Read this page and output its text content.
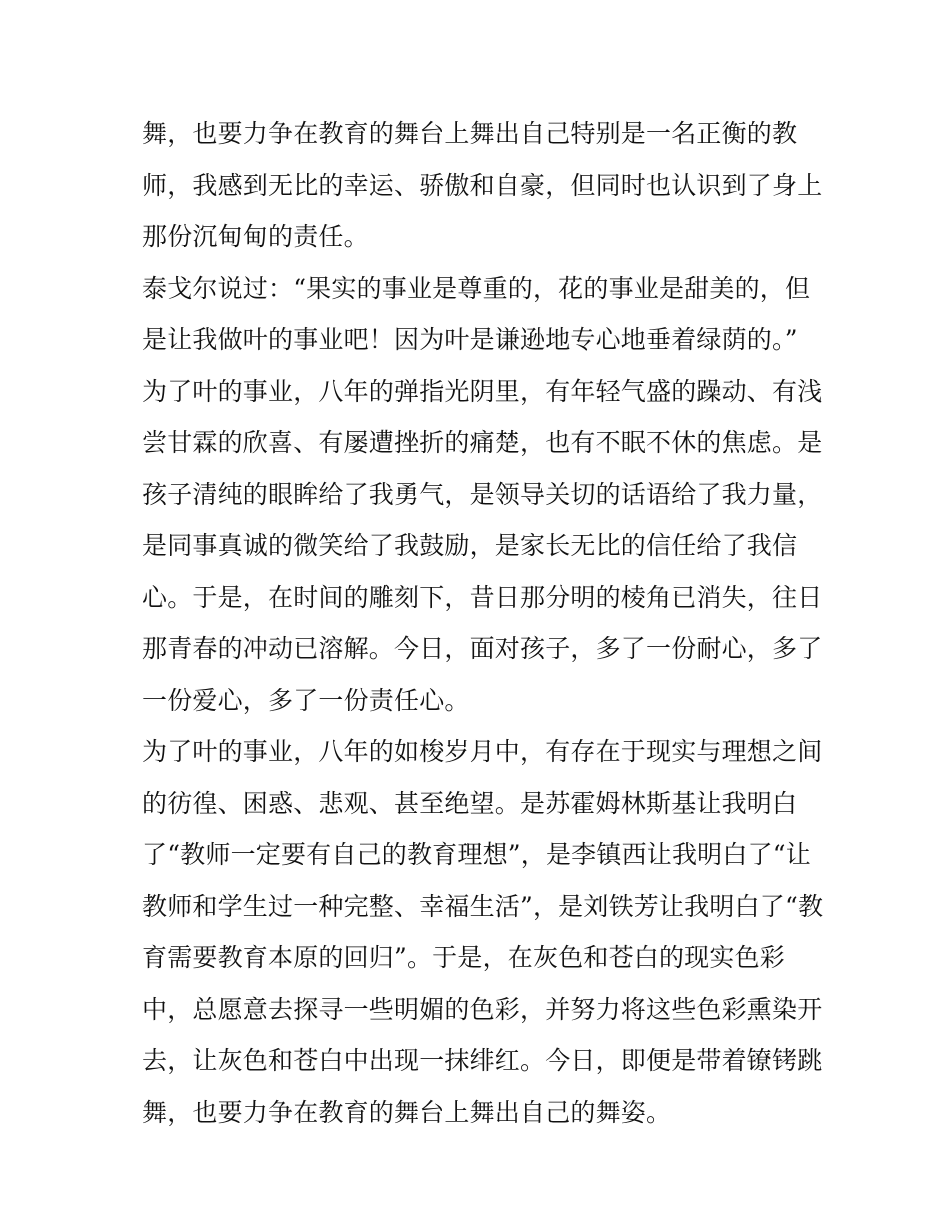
舞，也要力争在教育的舞台上舞出自己特别是一名正衡的教
师，我感到无比的幸运、骄傲和自豪，但同时也认识到了身上
那份沉甸甸的责任。
泰戈尔说过：“果实的事业是尊重的，花的事业是甜美的，但
是让我做叶的事业吧！因为叶是谦逊地专心地垂着绿荫的。”
为了叶的事业，八年的弹指光阴里，有年轻气盛的躁动、有浅
尝甘霖的欣喜、有屡遭挫折的痛楚，也有不眠不休的焦虑。是
孩子清纯的眼眸给了我勇气，是领导关切的话语给了我力量，
是同事真诚的微笑给了我鼓励，是家长无比的信任给了我信
心。于是，在时间的雕刻下，昔日那分明的棱角已消失，往日
那青春的冲动已溶解。今日，面对孩子，多了一份耐心，多了
一份爱心，多了一份责任心。
为了叶的事业，八年的如梭岁月中，有存在于现实与理想之间
的彷徨、困惑、悲观、甚至绝望。是苏霍姆林斯基让我明白
了“教师一定要有自己的教育理想”，是李镇西让我明白了“让
教师和学生过一种完整、幸福生活”，是刘铁芳让我明白了“教
育需要教育本原的回归”。于是，在灰色和苍白的现实色彩
中，总愿意去探寻一些明媚的色彩，并努力将这些色彩熏染开
去，让灰色和苍白中出现一抹绯红。今日，即便是带着镣铐跳
舞，也要力争在教育的舞台上舞出自己的舞姿。
